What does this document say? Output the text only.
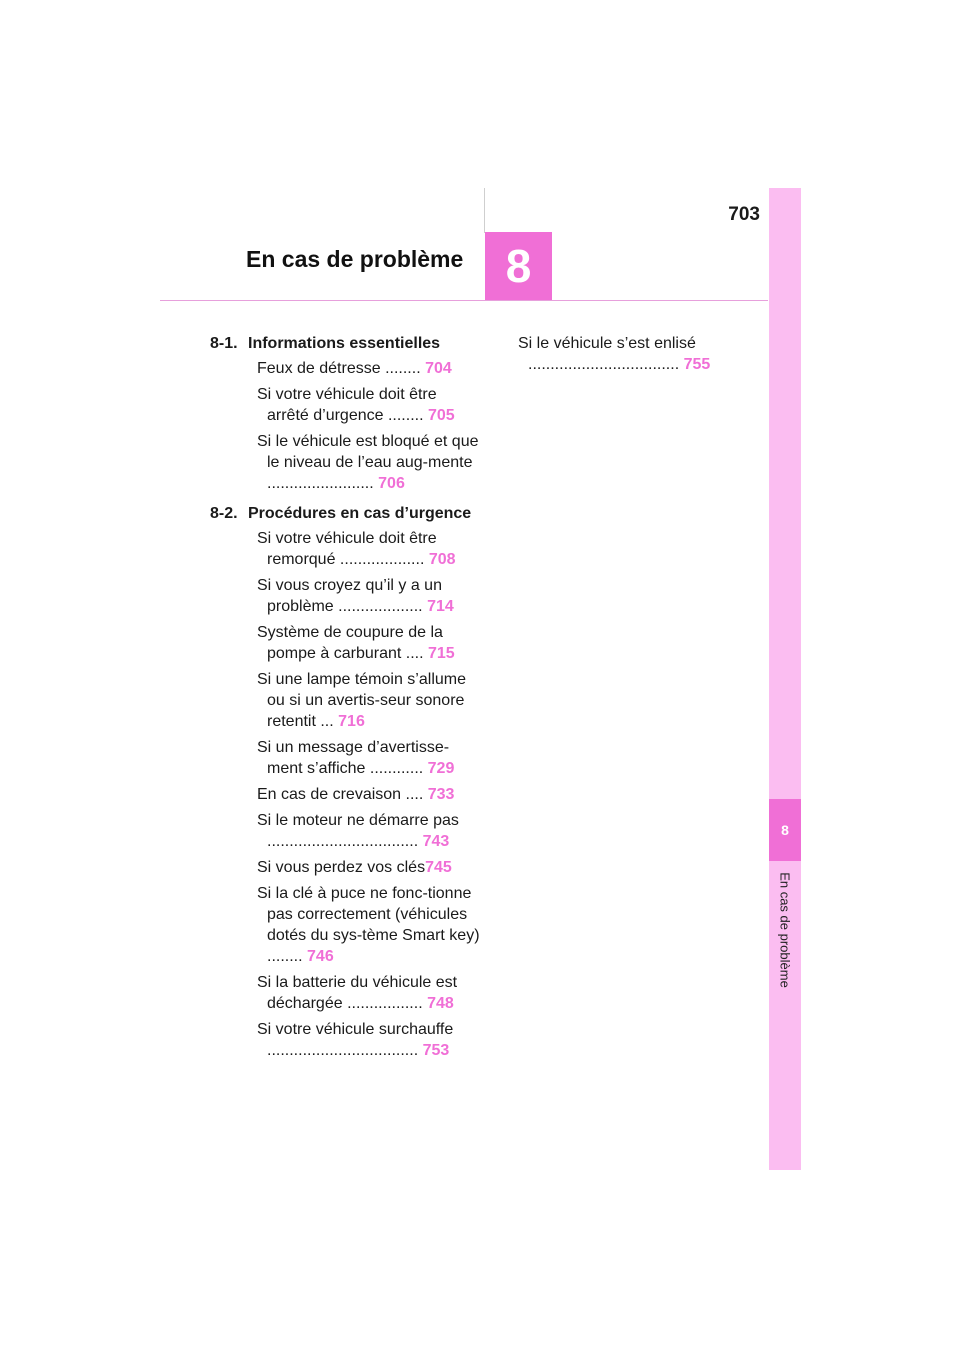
703
En cas de problème 8
8
En cas de problème
8-1. Informations essentielles
Feux de détresse ........ 704
Si votre véhicule doit être arrêté d’urgence ........ 705
Si le véhicule est bloqué et que le niveau de l’eau aug-mente ........................ 706
8-2. Procédures en cas d’urgence
Si votre véhicule doit être remorqué ................... 708
Si vous croyez qu’il y a un problème ................... 714
Système de coupure de la pompe à carburant .... 715
Si une lampe témoin s’allume ou si un avertis-seur sonore retentit ... 716
Si un message d’avertisse-ment s’affiche ............ 729
En cas de crevaison .... 733
Si le moteur ne démarre pas .................................. 743
Si vous perdez vos clés745
Si la clé à puce ne fonc-tionne pas correctement (véhicules dotés du sys-tème Smart key) ........ 746
Si la batterie du véhicule est déchargée ................. 748
Si votre véhicule surchauffe .................................. 753
Si le véhicule s’est enlisé .................................. 755
